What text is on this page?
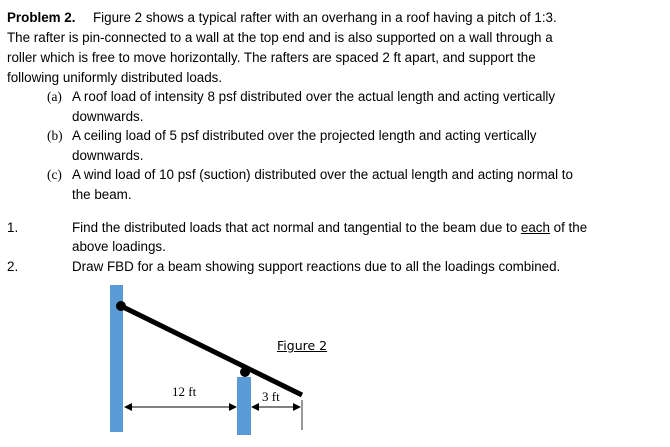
Problem 2. Figure 2 shows a typical rafter with an overhang in a roof having a pitch of 1:3.
The rafter is pin-connected to a wall at the top end and is also supported on a wall through a
roller which is free to move horizontally. The rafters are spaced 2 ft apart, and support the
following uniformly distributed loads.
(a) A roof load of intensity 8 psf distributed over the actual length and acting vertically
downwards.
(b) A ceiling load of 5 psf distributed over the projected length and acting vertically
downwards.
(c) A wind load of 10 psf (suction) distributed over the actual length and acting normal to
the beam.
1.	Find the distributed loads that act normal and tangential to the beam due to each of the
above loadings.
2.	Draw FBD for a beam showing support reactions due to all the loadings combined.
12 ft	3 ft
Figure 2
